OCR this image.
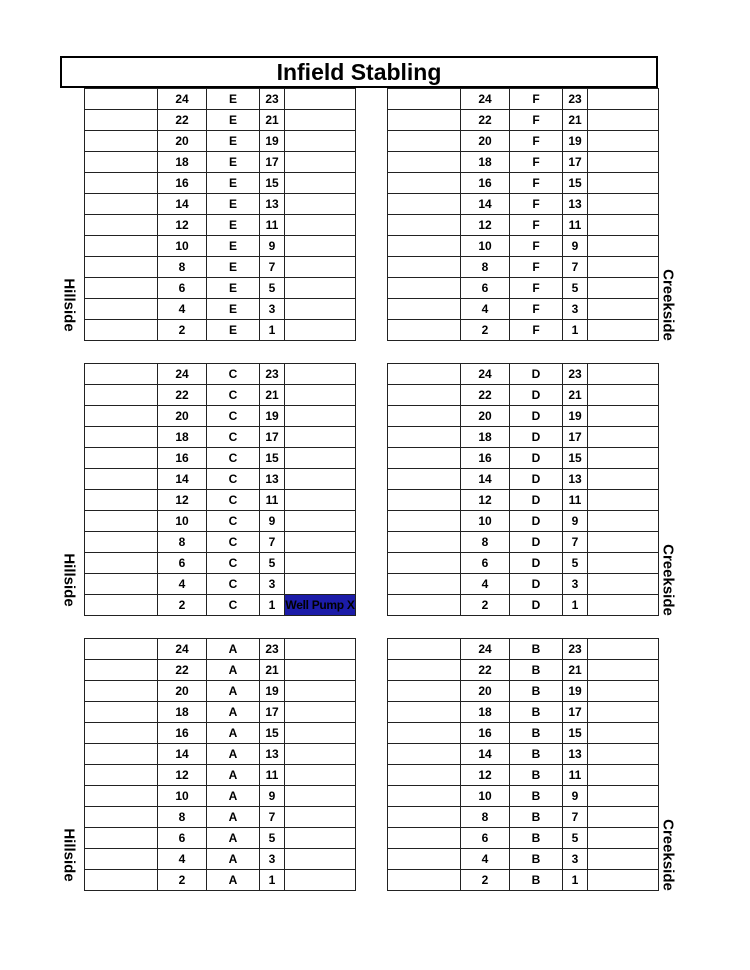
Infield Stabling
	24	E	23	
	22	E	21	
	20	E	19	
	18	E	17	
	16	E	15	
	14	E	13	
	12	E	11	
	10	E	9	
	8	E	7	
	6	E	5	
	4	E	3	
	2	E	1	
	24	F	23	
	22	F	21	
	20	F	19	
	18	F	17	
	16	F	15	
	14	F	13	
	12	F	11	
	10	F	9	
	8	F	7	
	6	F	5	
	4	F	3	
	2	F	1	
Hillside	Creekside
	24	C	23	
	22	C	21	
	20	C	19	
	18	C	17	
	16	C	15	
	14	C	13	
	12	C	11	
	10	C	9	
	8	C	7	
	6	C	5	
	4	C	3	
	2	C	1	Well Pump X
	24	D	23	
	22	D	21	
	20	D	19	
	18	D	17	
	16	D	15	
	14	D	13	
	12	D	11	
	10	D	9	
	8	D	7	
	6	D	5	
	4	D	3	
	2	D	1	
Hillside	Creekside
	24	A	23	
	22	A	21	
	20	A	19	
	18	A	17	
	16	A	15	
	14	A	13	
	12	A	11	
	10	A	9	
	8	A	7	
	6	A	5	
	4	A	3	
	2	A	1	
	24	B	23	
	22	B	21	
	20	B	19	
	18	B	17	
	16	B	15	
	14	B	13	
	12	B	11	
	10	B	9	
	8	B	7	
	6	B	5	
	4	B	3	
	2	B	1	
Hillside	Creekside
